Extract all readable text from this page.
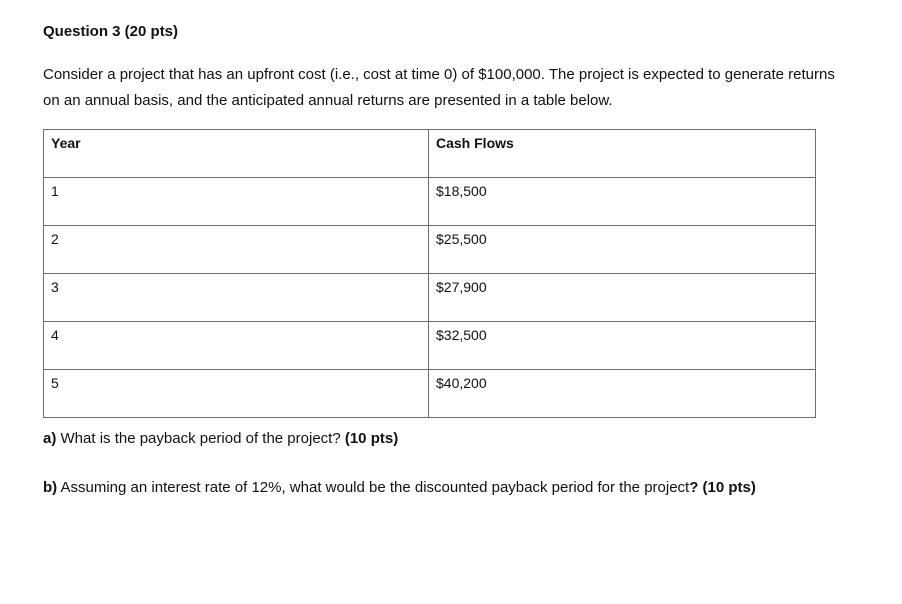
Question 3 (20 pts)
Consider a project that has an upfront cost (i.e., cost at time 0) of $100,000. The project is expected to generate returns on an annual basis, and the anticipated annual returns are presented in a table below.
Year	Cash Flows
1	$18,500
2	$25,500
3	$27,900
4	$32,500
5	$40,200
a) What is the payback period of the project? (10 pts)
b) Assuming an interest rate of 12%, what would be the discounted payback period for the project? (10 pts)
